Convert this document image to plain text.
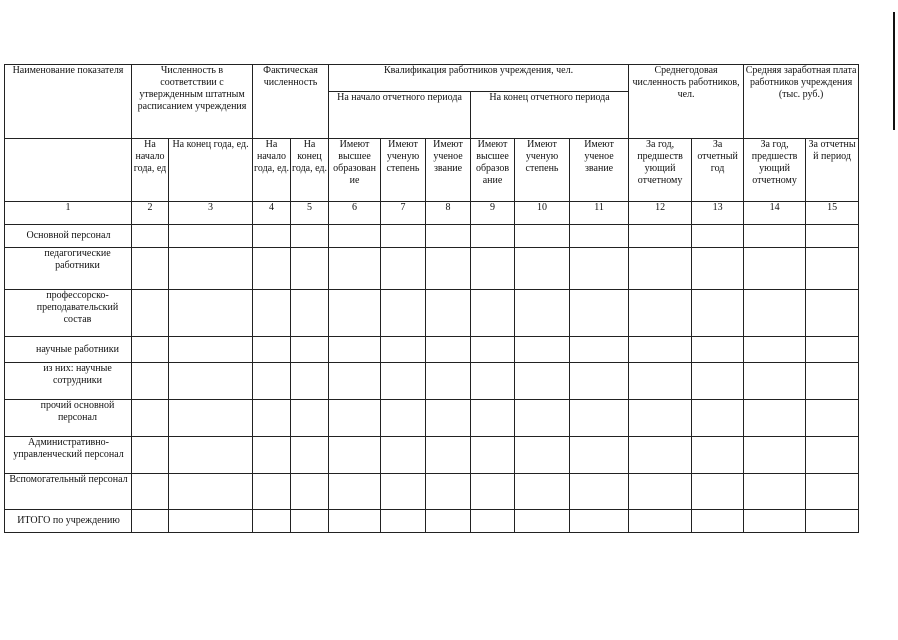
Наименование показателя	Численность в соответствии с утвержденным штатным расписанием учреждения		Фактическая численность		Квалификация работников учреждения, чел.						Среднегодовая численность работников, чел.		Средняя заработная плата работников учреждения (тыс. руб.)	
					На начало отчетного периода			На конец отчетного периода						
	На начало года, ед	На конец года, ед.	На начало года, ед.	На конец года, ед.	Имеют высшее образован ие	Имеют ученую степень	Имеют ученое звание	Имеют высшее образов ание	Имеют ученую степень	Имеют ученое звание	За год, предшеств ующий отчетному	За отчетный год	За год, предшеств ующий отчетному	За отчетны й период
1	2	3	4	5	6	7	8	9	10	11	12	13	14	15
Основной персонал														
педагогические работники														
профессорско-преподавательский состав														
научные работники														
из них: научные сотрудники														
прочий основной персонал														
Административно-управленческий персонал														
Вспомогательный персонал														
ИТОГО по учреждению														
